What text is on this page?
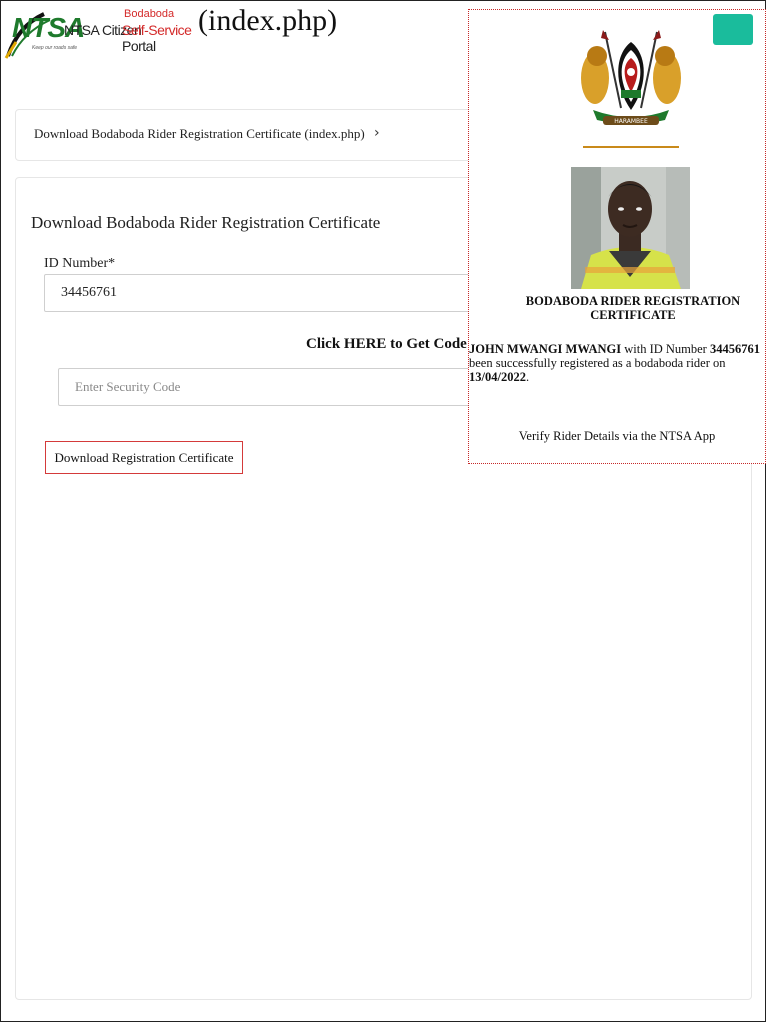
NTSA
NTSA Citizen
Bodaboda
Self-Service Portal
Keep our roads safe
(index.php)
Download Bodaboda Rider Registration Certificate (index.php) ›
Download Bodaboda Rider Registration Certificate
ID Number*
34456761
Click HERE to Get Code
Enter Security Code
Download Registration Certificate
HARAMBEE
BODABODA RIDER REGISTRATION CERTIFICATE
JOHN MWANGI MWANGI with ID Number 34456761
been successfully registered as a bodaboda rider on
13/04/2022.
Verify Rider Details via the NTSA App
